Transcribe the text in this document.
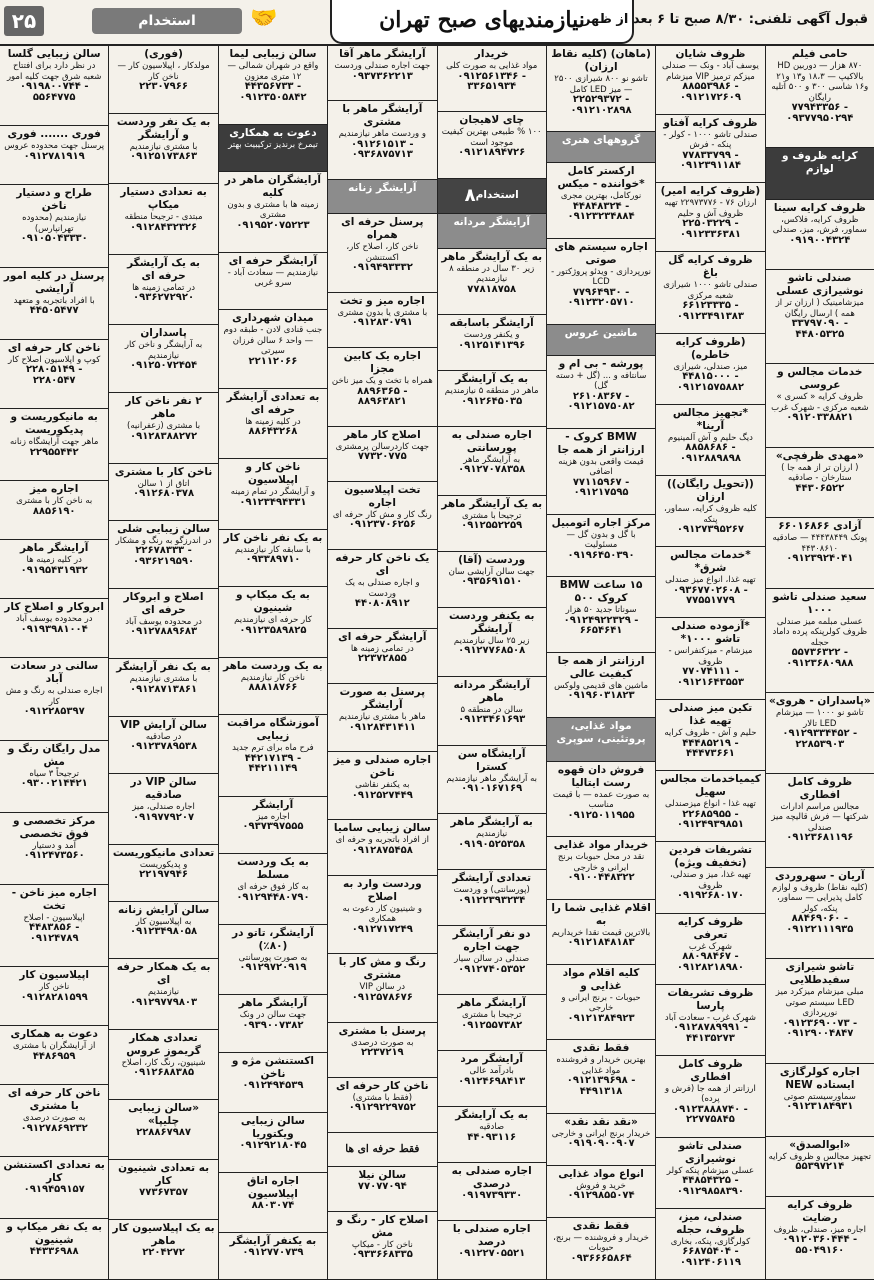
۲۵	استخدام	🤝	نیازمندیهای صبح تهران
قبول آگهی تلفنی: ۸/۳۰ صبح تا ۶ بعد از ظهر
حامی فیلم
۸۷۰ هزار — دوربین HD بالاکیپ — ۱۸،۳ و۱۳ و۲۱ و۱۶ شاسی ۳۰۰ و ۵۰۰ آتلیه رایگان
۷۷۹۴۳۳۵۶ - ۰۹۳۷۷۹۵۰۲۹۴
کرایه ظروف و لوازم
ظروف کرایه سینا
ظروف کرایه، فلاکس، سماور، فرش، میز، صندلی
۰۹۱۹۰۰۴۳۲۴
صندلی تاشو نوشیرازی عسلی
میزشامینیک ( ارزان تر از همه ) ارسال رایگان
۳۳۷۹۷۰۹۰ - ۴۴۸۰۵۳۲۵
خدمات مجالس و عروسی
ظروف کرایه « کسری » شعبه مرکزی - شهرک غرب
۰۹۱۲۰۳۳۸۸۲۱
«مهدی ظرفچی»
( ارزان تر از همه جا ) ستارخان - صادقیه
۴۴۳۰۶۵۲۲
آزادی ۶۶۰۱۶۸۶۶
پونک ۴۴۴۳۸۴۴۹ — صادقیه ۴۴۳۰۸۶۱۰
۰۹۱۲۳۹۲۴۰۴۱
سعید صندلی تاشو ۱۰۰۰
عسلی مبلمه میز صندلی ظروف کولرپنکه پرده داماد حجله
۵۵۷۳۶۳۲۲ - ۰۹۱۲۳۶۸۰۹۸۸
«پاسداران - هروی»
تاشو نو ۱۰۰۰ — میزشام LED تالار
۰۹۱۲۹۳۳۴۴۵۲ - ۲۲۸۵۳۹۰۳
ظروف کامل افطاری
مجالس مراسم ادارات شرکتها — فرش قالیچه میز صندلی
۰۹۱۲۳۶۸۱۱۹۶
آریان - سهروردی
(کلیه نقاط) ظروف و لوازم کامل پذیرایی — سماور، پنکه، کولر
۸۸۴۶۹۰۶۰ - ۰۹۱۲۲۱۱۱۹۳۵
تاشو شیرازی سفیدطلایی
مبلی میزشام میزکرد میز LED سیستم صوتی نورپردازی
۰۹۱۲۳۶۹۰۰۷۳ - ۰۹۱۲۹۰۰۴۸۴۷
اجاره کولرگازی ایستاده NEW
سماورسیستم صوتی
۰۹۱۲۳۱۸۴۹۳۱
«ابوالصدق»
تجهیز مجالس و ظروف کرایه
۵۵۳۹۷۲۱۴
ظروف کرایه رضایت
اجاره میز، صندلی، ظروف
۰۹۱۲۰۳۶۰۴۴۴ - ۵۵۰۴۹۱۶۰
ظروف شایان
یوسف آباد - ونک — صندلی میزکم ترمیز VIP میزشام
۸۸۵۵۳۹۸۶ - ۰۹۱۲۱۷۲۶۰۹
ظروف کرایه آفتاو
صندلی تاشو ۱۰۰۰ - کولر - پنکه - فرش
۷۷۸۳۳۷۹۹ - ۰۹۱۲۳۹۱۱۸۴
(ظروف کرایه امیر)
ارزان ۷۶ - ۲۲۹۷۳۷۷۶ تهیه ظروف آش و حلیم
۲۲۵۰۳۲۲۹ - ۰۹۱۲۳۳۶۳۸۱
ظروف کرایه گل باغ
صندلی تاشو ۱۰۰۰ شیرازی شعبه مرکزی
۶۶۱۲۳۳۳۵ - ۰۹۱۲۳۴۹۱۳۸۳
(ظروف کرایه خاطره)
میز، صندلی، شیرازی
۴۴۸۱۵۰۰۰ - ۰۹۱۲۱۵۷۵۸۸۲
*تجهیز مجالس آرینا*
دیگ حلیم و آش آلمینیوم
۸۸۵۸۶۸۶ - ۰۹۱۲۸۸۹۸۹۸
((تحویل رایگان)) ارزان
کلیه ظروف کرایه، سماور، پنکه
۰۹۱۲۷۳۹۵۲۶۷
*خدمات مجالس شرق*
تهیه غذا، انواع میز صندلی
۰۹۳۶۷۷۰۲۶۰۸ - ۷۷۵۵۱۷۷۹
*آزموده صندلی تاشو ۱۰۰۰*
میزشام - میزکنفرانس - ظروف
۷۷۰۷۴۱۱۱ - ۰۹۱۲۱۶۴۳۵۵۳
تکین میز صندلی تهیه غذا
حلیم و آش - ظروف کرایه
۴۴۴۸۵۲۱۹ - ۴۴۴۷۳۶۶۱
کیمیاخدمات مجالس سهیل
تهیه غذا - انواع میزصندلی
۲۲۶۸۵۹۵۵ - ۰۹۱۲۴۹۳۹۸۵۱
تشریفات فردین (تخفیف ویژه)
تهیه غذا، میز و صندلی، ظروف
۰۹۱۹۲۶۸۰۱۷۰
ظروف کرایه تعرفی
شهرک غرب
۸۸۰۹۸۴۶۷ - ۰۹۱۲۸۲۱۸۹۸۰
ظروف تشریفات پارسا
شهرک غرب - سعادت آباد
۰۹۱۲۸۷۸۹۹۹۱ - ۴۴۱۳۵۲۷۳
ظروف کامل افطاری
ارزانتر از همه جا (فرش و پرده)
۰۹۱۲۳۸۸۸۷۴۰ - ۲۲۷۷۵۸۴۵
صندلی تاشو نوشیرازی
عسلی میزشام پنکه کولر
۴۴۸۵۴۳۲۵ - ۰۹۱۲۹۸۵۸۳۹۰
صندلی، میز، ظروف، حجله
کولرگازی، پنکه، بخاری
۶۶۸۷۵۴۰۴ - ۰۹۱۲۴۰۶۱۱۹
(ماهان) (کلیه نقاط ارزان)
تاشو نو ۸۰۰ شیرازی ۲۵۰۰ — میز LED کامل
۲۲۵۲۹۳۷۲ - ۰۹۱۲۱۰۲۸۹۸
گروههای هنری
ارکستر کامل *خواننده - میکس
نورکامل، بهترین مجری
۴۴۸۴۸۳۲۴ - ۰۹۱۲۳۲۳۴۸۸۴
اجاره سیستم های صوتی
نورپردازی - ویدئو پروژکتور - LCD
۷۷۹۶۴۹۳۰ - ۰۹۱۲۳۲۰۵۷۱۰
ماشین عروس
پورشه - بی ام و
سانتافه و ... (گل + دسته گل)
۲۶۱۰۸۳۶۷ - ۰۹۱۲۱۵۷۵۰۸۲
BMW کروک - ارزانتر از همه جا
قیمت واقعی بدون هزینه اضافی
۷۷۱۱۵۹۶۷ - ۰۹۱۲۱۷۵۹۵
مرکز اجاره اتومبیل
با گل و بدون گل — مسئولیت
۰۹۱۹۶۴۵۰۳۹۰
۱۵ ساعت BMW کروک ۵۰۰
سوناتا جدید ۵۰ هزار
۰۹۱۲۴۹۲۲۳۲۹ - ۶۶۵۴۶۴۱
ارزانتر از همه جا کیفیت عالی
ماشین های قدیمی ولوکس
۰۹۱۹۶۰۳۱۸۲۳
مواد غذایی، پروتئینی، سوپری
فروش دان قهوه رست ایتالیا
به صورت عمده — با قیمت مناسب
۰۹۱۲۵۰۱۱۹۵۵
خریدار مواد غذایی
نقد در محل حبوبات برنج ایرانی و خارجی
۰۹۱۰۰۴۴۸۳۲۲
اقلام غذایی شما را به
بالاترین قیمت نقدا خریداریم
۰۹۱۲۱۸۴۸۱۸۳
کلیه اقلام مواد غذایی و
حبوبات - برنج ایرانی و خارجی
۰۹۱۲۱۳۸۴۹۲۳
فقط نقدی
بهترین خریدار و فروشنده مواد غذایی
۰۹۱۲۱۳۹۶۹۸ - ۴۴۹۱۳۱۸
«نقد نقد نقد»
خریدار برنج ایرانی و خارجی
۰۹۱۹۰۹۰۰۹۰۷
انواع مواد غذایی
خرید و فروش
۰۹۱۲۹۸۵۵۰۷۴
فقط نقدی
خریدار و فروشنده — برنج، حبوبات
۰۹۳۶۶۶۵۸۶۴
خریدار
مواد غذایی به صورت کلی
۰۹۱۲۵۶۱۳۴۶ - ۳۳۶۵۱۹۳۴
چای لاهیجان
۱۰۰ % طبیعی بهترین کیفیت موجود است
۰۹۱۲۱۸۹۴۷۲۶
استخدام
۸
آرایشگر مردانه
به یک آرایشگر ماهر
زیر ۳۰ سال در منطقه ۸ نیازمندیم
۷۷۸۱۸۷۵۸
آرایشگر باسابقه
و یکنفر وردست
۰۹۱۲۵۱۴۱۳۹۶
به یک آرایشگر
ماهر در منطقه ۵ نیازمندیم
۰۹۱۲۶۴۵۰۳۵
اجاره صندلی به پورسانتی
به آرایشگر ماهر
۰۹۱۲۷۰۷۸۳۵۸
به یک آرایشگر ماهر
ترجیحا با مشتری
۰۹۱۲۵۵۲۲۵۹
وردست (آقا)
جهت سالن آرایشی سان
۰۹۳۵۶۹۱۵۱۰
به یکنفر وردست آرایشگر
زیر ۲۵ سال نیازمندیم
۰۹۱۲۷۷۶۸۵۰۸
آرایشگر مردانه ماهر
سالن در منطقه ۵
۰۹۱۲۳۴۶۱۶۹۳
آرایشگاه سن کسترا
به آرایشگر ماهر نیازمندیم
۰۹۱۰۱۶۷۱۶۹
به آرایشگر ماهر
نیازمندیم
۰۹۱۹۰۵۲۵۳۵۸
تعدادی آرایشگر
(پورسانتی) و وردست
۰۹۱۲۲۳۹۳۲۳۴
دو نفر آرایشگر جهت اجاره
صندلی در سالن سیار
۰۹۱۲۷۴۰۵۳۵۲
آرایشگر ماهر
ترجیحا با مشتری
۰۹۱۲۵۵۷۳۸۲
آرایشگر مرد
بادرآمد عالی
۰۹۱۲۴۶۹۸۴۱۳
به یک آرایشگر
صادقیه
۴۴۰۹۳۱۱۶
اجاره صندلی به درصدی
۰۹۱۹۷۳۹۳۳۰
اجاره صندلی با درصد
۰۹۱۲۲۷۰۵۵۲۱
آرایشگر ماهر آقا
جهت اجاره صندلی وردست
۰۹۳۷۳۶۲۲۱۳
آرایشگر ماهر با مشتری
و وردست ماهر نیازمندیم
۰۹۱۲۶۱۵۱۳ - ۰۹۳۶۸۷۵۷۱۳
آرایشگر زنانه
پرسنل حرفه ای همراه
ناخن کار، اصلاح کار، اکستنشن
۰۹۱۹۴۹۳۳۳۲
اجاره میز و تخت
با مشتری یا بدون مشتری
۰۹۱۲۸۳۰۷۹۱
اجاره یک کابین مجزا
همراه با تخت و یک میز ناخن
۸۸۹۶۳۶۵ - ۸۸۹۶۳۸۲۱
اصلاح کار ماهر
جهت کاردرسالن پرمشتری
۷۷۳۲۰۷۷۵
تخت اپیلاسیون اجاره
رنگ کار و مش کار حرفه ای
۰۹۱۲۳۷۰۶۲۵۶
یک ناخن کار حرفه ای
و اجاره صندلی به یک وردست
۴۴۰۸۰۸۹۱۲
آرایشگر حرفه ای
در تمامی زمینه ها
۲۲۳۷۲۸۵۵
پرسنل به صورت آرایشگر
ماهر با مشتری نیازمندیم
۰۹۱۲۸۴۳۱۴۱۱
اجاره صندلی و میز ناخن
به یکنفر نقاشی
۰۹۱۲۵۲۷۴۴۹
سالن زیبایی سامیا
از افراد باتجربه و حرفه ای
۰۹۱۲۸۷۵۴۵۸
وردست وارد به اصلاح
و شینیون کار دعوت به همکاری
۰۹۱۲۷۱۷۲۴۹
رنگ و مش کار با مشتری
در سالن VIP
۰۹۱۲۵۷۸۶۷۶
پرسنل با مشتری
به صورت درصدی
۲۲۳۷۲۱۹
ناخن کار حرفه ای
(فقط با مشتری)
۰۹۱۲۹۲۲۹۷۵۲
فقط حرفه ای ها
سالن نیلا
۷۷۰۷۷۰۹۴
اصلاح کار - رنگ و مش
ناخن کار - میکاپ
۰۹۳۳۶۶۸۳۳۵
سالن زیبایی لیما
واقع در شهران شمالی — ۱۲ متری معزون
۴۴۳۵۶۷۳۳ - ۰۹۱۲۳۵۰۵۸۴۲
دعوت به همکاری
تیمرخ برندیز ترکیبیت بهتر
آرایشگران ماهر در کلیه
زمینه ها با مشتری و بدون مشتری
۰۹۱۹۵۲۰۷۵۲۲۳
آرایشگر حرفه ای
نیازمندیم — سعادت آباد - سرو غربی
میدان شهرداری
جنب قنادی لادن - طبقه دوم — واحد ۶ سالن فرزان سیرتی
۲۲۱۱۲۰۶۶
به تعدادی آرایشگر حرفه ای
در کلیه زمینه ها
۸۸۶۴۳۲۶۸
ناخن کار و اپیلاسیون
و آرایشگر در تمام زمینه
۰۹۱۲۳۴۹۴۳۳۱
به یک نفر ناخن کار
با سابقه کار نیازمندیم
۰۹۳۳۸۹۷۱۰
به یک میکاپ و شینیون
کار حرفه ای نیازمندیم
۰۹۱۲۳۵۸۹۸۲۵
به یک وردست ماهر
ناخن کار نیازمندیم
۸۸۸۱۸۷۶۶
آموزشگاه مراقبت زیبایی
فرح ماه برای ترم جدید
۴۴۲۱۷۱۳۹ - ۴۴۲۱۱۱۴۹
آرایشگر
اجاره میز
۰۹۳۷۳۹۷۵۵۵
به یک وردست مسلط
به کار فوق حرفه ای
۰۹۱۲۹۴۴۸۰۷۹۰
آرایشگر، تاتو در (۸۰٪)
به صورت پورسانتی
۰۹۱۲۹۷۲۰۹۱۹
آرایشگر ماهر
جهت سالن در ونک
۰۹۳۹۰۰۷۳۸۲
اکستنشن مژه و ناخن
۰۹۱۲۴۹۴۵۳۹
سالن زیبایی ویکتوریا
۰۹۱۲۹۲۱۸۰۴۵
اجاره اتاق اپیلاسیون
۸۸۰۳۰۷۴
به یکنفر آرایشگر
۰۹۱۲۷۷۰۷۳۹
(فوری)
مولدکار ، اپیلاسیون کار — ناخن کار
۲۲۳۰۷۹۶۶
به یک نفر وردست و آرایشگر
با مشتری نیازمندیم
۰۹۱۲۵۱۷۳۸۶۳
به تعدادی دستیار میکاپ
مبتدی - ترجیحا منطقه
۰۹۱۲۸۴۳۲۳۲۶
به یک آرایشگر حرفه ای
در تمامی زمینه ها
۰۹۳۶۲۷۲۹۲۰
پاسداران
به آرایشگر و ناخن کار نیازمندیم
۰۹۱۲۵۰۷۲۴۵۴
۲ نفر ناخن کار ماهر
با مشتری (زعفرانیه)
۰۹۱۲۸۳۸۸۲۷۲
ناخن کار با مشتری
اتاق از ۱ سالن
۰۹۱۲۶۸۰۳۷۸
سالن زیبایی شلی
در اندرزگو به رنگ و مشکار
۲۲۶۷۸۳۳۳ - ۰۹۳۶۲۱۹۵۹۰
اصلاح و ابروکار حرفه ای
در محدوده یوسف آباد
۰۹۱۲۷۸۸۹۶۸۳
به یک نفر آرایشگر
با مشتری نیازمندیم
۰۹۱۲۸۷۱۳۸۶۱
سالن آرایش VIP
در صادقیه
۰۹۱۲۳۷۸۹۵۳۸
سالن VIP در صادقیه
اجاره صندلی، میز
۰۹۱۹۷۷۹۲۰۷
تعدادی مانیکوریست
و پدیکوریست
۲۲۱۹۷۹۴۶
سالن آرایش زنانه
به اپیلاسیون کار
۰۹۱۲۳۴۹۸۰۵۸
به یک همکار حرفه ای
نیازمندیم
۰۹۱۲۹۷۷۹۸۰۳
تعدادی همکار گریموز عروس
شینیون، رنگ کار، اصلاح
۰۹۱۲۶۸۸۳۸۵
«سالن زیبایی چلیپا»
۲۲۸۸۶۷۹۸۷
به تعدادی شینیون کار
۷۷۳۶۷۳۵۷
به یک اپیلاسیون کار ماهر
۲۲۰۴۲۷۲
سالن زیبایی گلسا
در نظر دارد برای افتتاح شعبه شرق جهت کلیه امور
۰۹۱۹۸۰۰۷۴۴ - ۵۵۶۴۷۷۵
فوری ....... فوری
پرسنل جهت محدوده عروس
۰۹۱۲۷۸۱۹۱۹
طراح و دستیار ناخن
نیازمندیم (محدوده تهرانپارس)
۰۹۱۰۵۰۴۳۳۳۰
پرسنل در کلیه امور آرایشی
با افراد باتجربه و متعهد
۴۴۵۰۵۴۷۷
ناخن کار حرفه ای
کوپ و اپلاسیون اصلاح کار
۲۲۸۰۵۱۴۹ - ۲۲۸۰۵۴۷
به مانیکوریست و پدیکوریست
ماهر جهت آرایشگاه زنانه
۲۲۹۵۵۴۴۲
اجاره میز
به ناخن کار با مشتری
۸۸۵۶۱۹۰
آرایشگر ماهر
در کلیه زمینه ها
۰۹۱۹۵۴۳۱۹۳۲
ابروکار و اصلاح کار
در محدوده یوسف آباد
۰۹۱۹۳۹۸۱۰۰۴
سالنی در سعادت آباد
اجاره صندلی به رنگ و مش کار
۰۹۱۲۲۸۵۳۹۷
مدل رایگان رنگ و مش
ترجیحاً ۳ سیاه
۰۹۳۰۰۲۱۴۴۲۱
مرکز تخصصی و فوق تخصصی
آمد و دستیار
۰۹۱۲۴۷۳۵۶۰
اجاره میز ناخن - تخت
اپیلاسیون - اصلاح
۴۴۸۳۸۵۶ - ۰۹۱۲۴۷۸۹
اپیلاسیون کار
ناخن کار
۰۹۱۲۸۲۸۱۵۹۹
دعوت به همکاری
از آرایشگران با مشتری
۴۴۸۶۹۵۹
ناخن کار حرفه ای با مشتری
به صورت درصدی
۰۹۱۲۷۸۶۹۲۳۲
به تعدادی اکستنشن کار
۰۹۱۹۴۵۹۱۵۷
به یک نفر میکاپ و شینیون
۴۴۳۳۶۹۸۸
